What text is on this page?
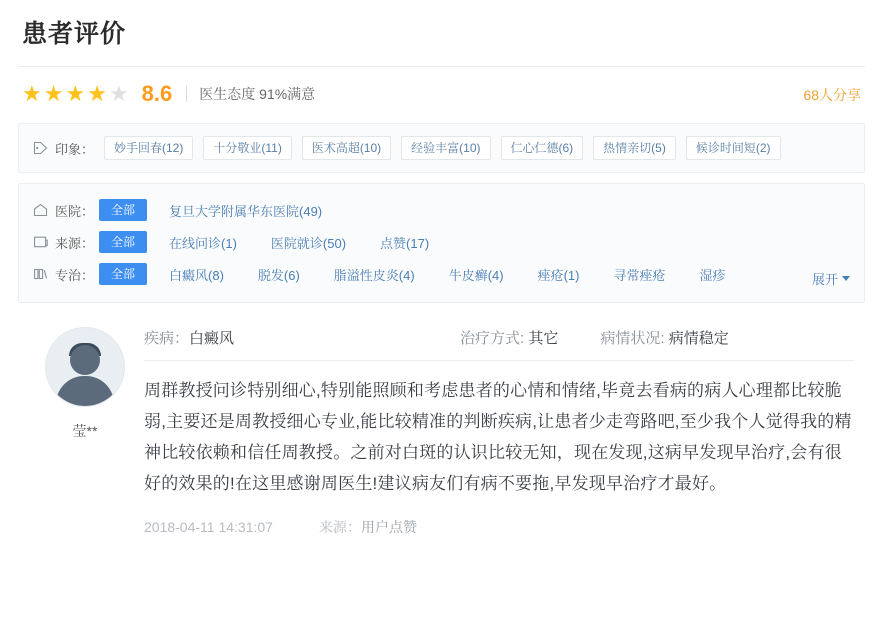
患者评价
★ ★ ★ ★ ★ 8.6 医生态度 91%满意	68人分享
印象：	妙手回春(12)	十分敬业(11)	医术高超(10)	经验丰富(10)	仁心仁德(6)	热情亲切(5)	候诊时间短(2)
医院：	全部	复旦大学附属华东医院(49)
来源：	全部	在线问诊(1)	医院就诊(50)	点赞(17)
专治：	全部	白癜风(8)	脱发(6)	脂溢性皮炎(4)	牛皮癣(4)	痤疮(1)	寻常痤疮	湿疹	展开
莹**
疾病：白癜风	治疗方式: 其它	病情状况: 病情稳定
周群教授问诊特别细心,特别能照顾和考虑患者的心情和情绪,毕竟去看病的病人心理都比较脆弱,主要还是周教授细心专业,能比较精准的判断疾病,让患者少走弯路吧,至少我个人觉得我的精神比较依赖和信任周教授。之前对白斑的认识比较无知，现在发现,这病早发现早治疗,会有很好的效果的!在这里感谢周医生!建议病友们有病不要拖,早发现早治疗才最好。
2018-04-11 14:31:07	来源： 用户点赞
